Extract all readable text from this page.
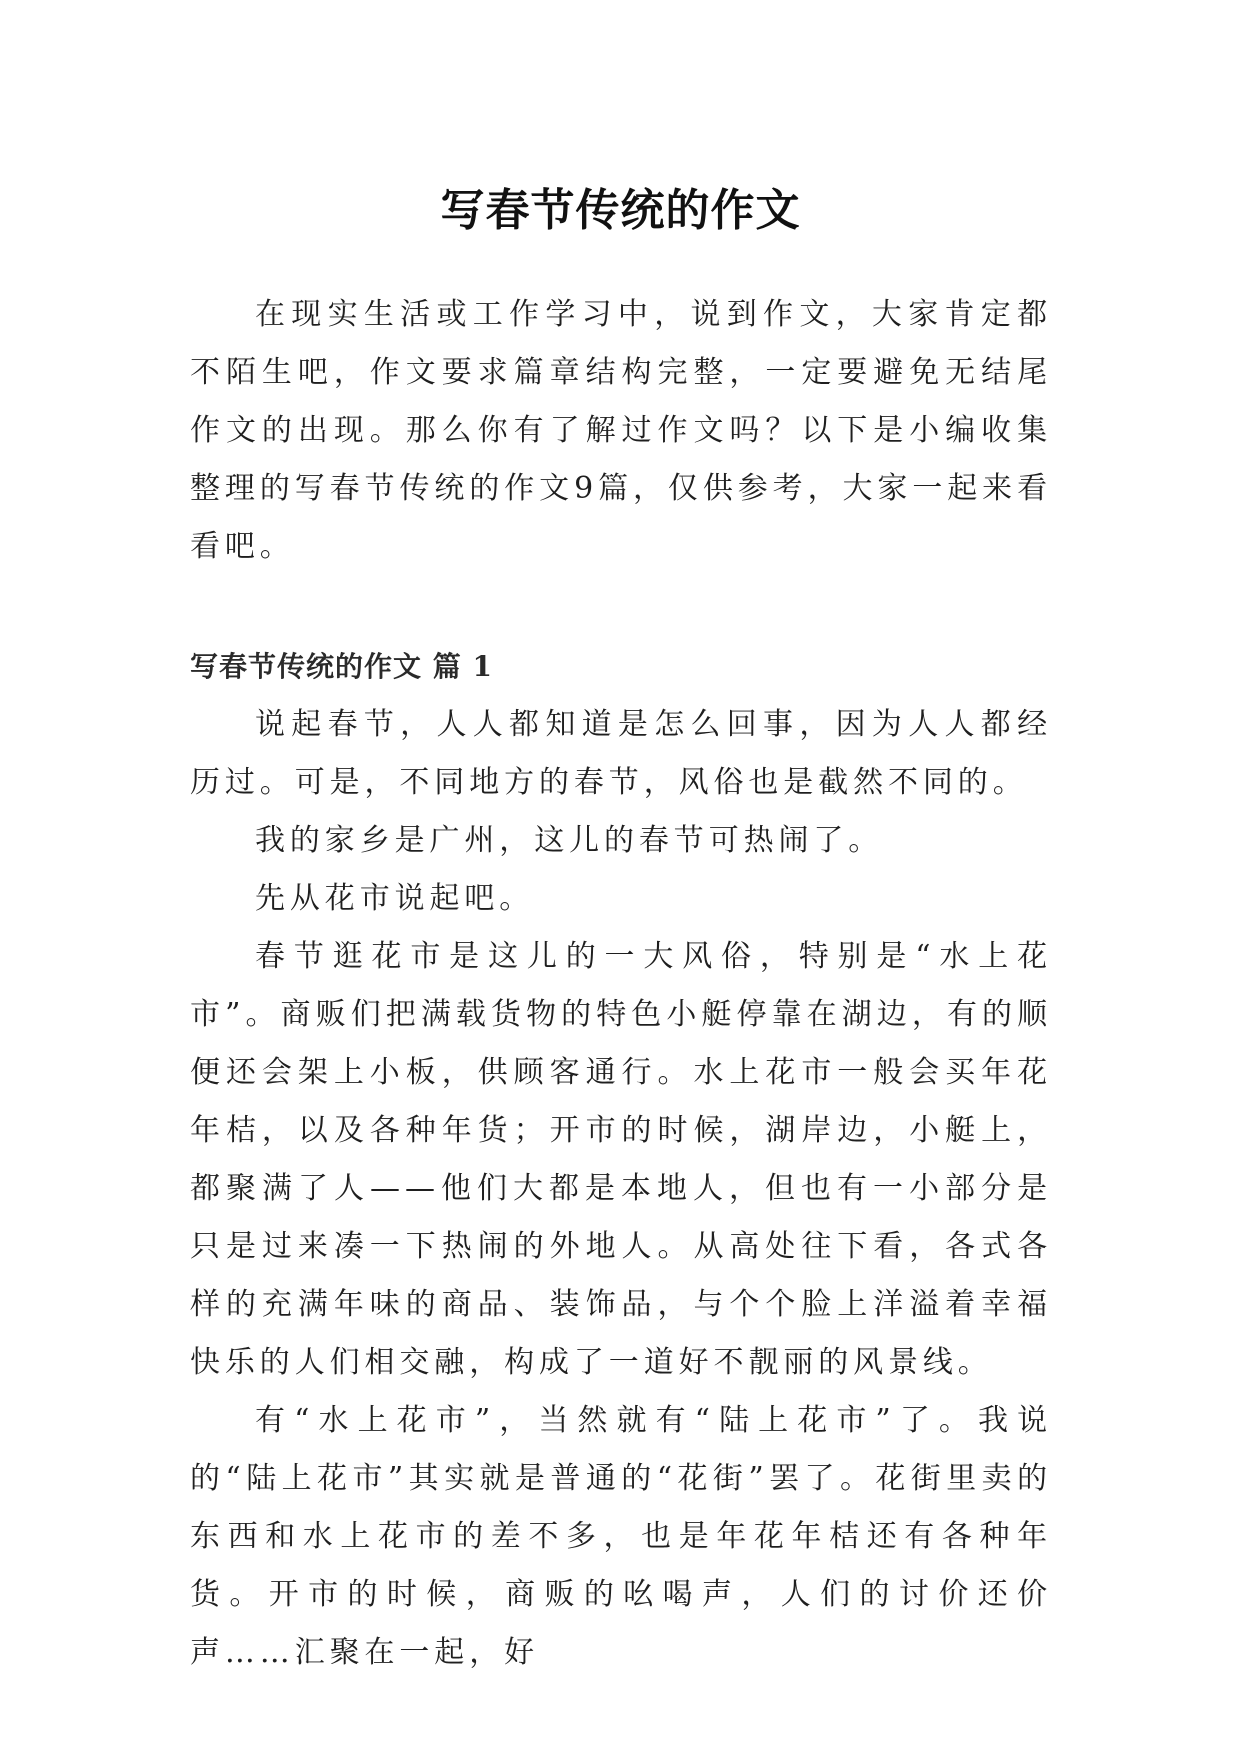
写春节传统的作文

在现实生活或工作学习中，说到作文，大家肯定都不陌生吧，作文要求篇章结构完整，一定要避免无结尾作文的出现。那么你有了解过作文吗？以下是小编收集整理的写春节传统的作文9篇，仅供参考，大家一起来看看吧。

写春节传统的作文 篇 1

说起春节，人人都知道是怎么回事，因为人人都经历过。可是，不同地方的春节，风俗也是截然不同的。

我的家乡是广州，这儿的春节可热闹了。

先从花市说起吧。

春节逛花市是这儿的一大风俗，特别是“水上花市”。商贩们把满载货物的特色小艇停靠在湖边，有的顺便还会架上小板，供顾客通行。水上花市一般会买年花年桔，以及各种年货；开市的时候，湖岸边，小艇上，都聚满了人——他们大都是本地人，但也有一小部分是只是过来凑一下热闹的外地人。从高处往下看，各式各样的充满年味的商品、装饰品，与个个脸上洋溢着幸福快乐的人们相交融，构成了一道好不靓丽的风景线。

有“水上花市”，当然就有“陆上花市”了。我说的“陆上花市”其实就是普通的“花街”罢了。花街里卖的东西和水上花市的差不多，也是年花年桔还有各种年货。开市的时候，商贩的吆喝声，人们的讨价还价声……汇聚在一起，好
